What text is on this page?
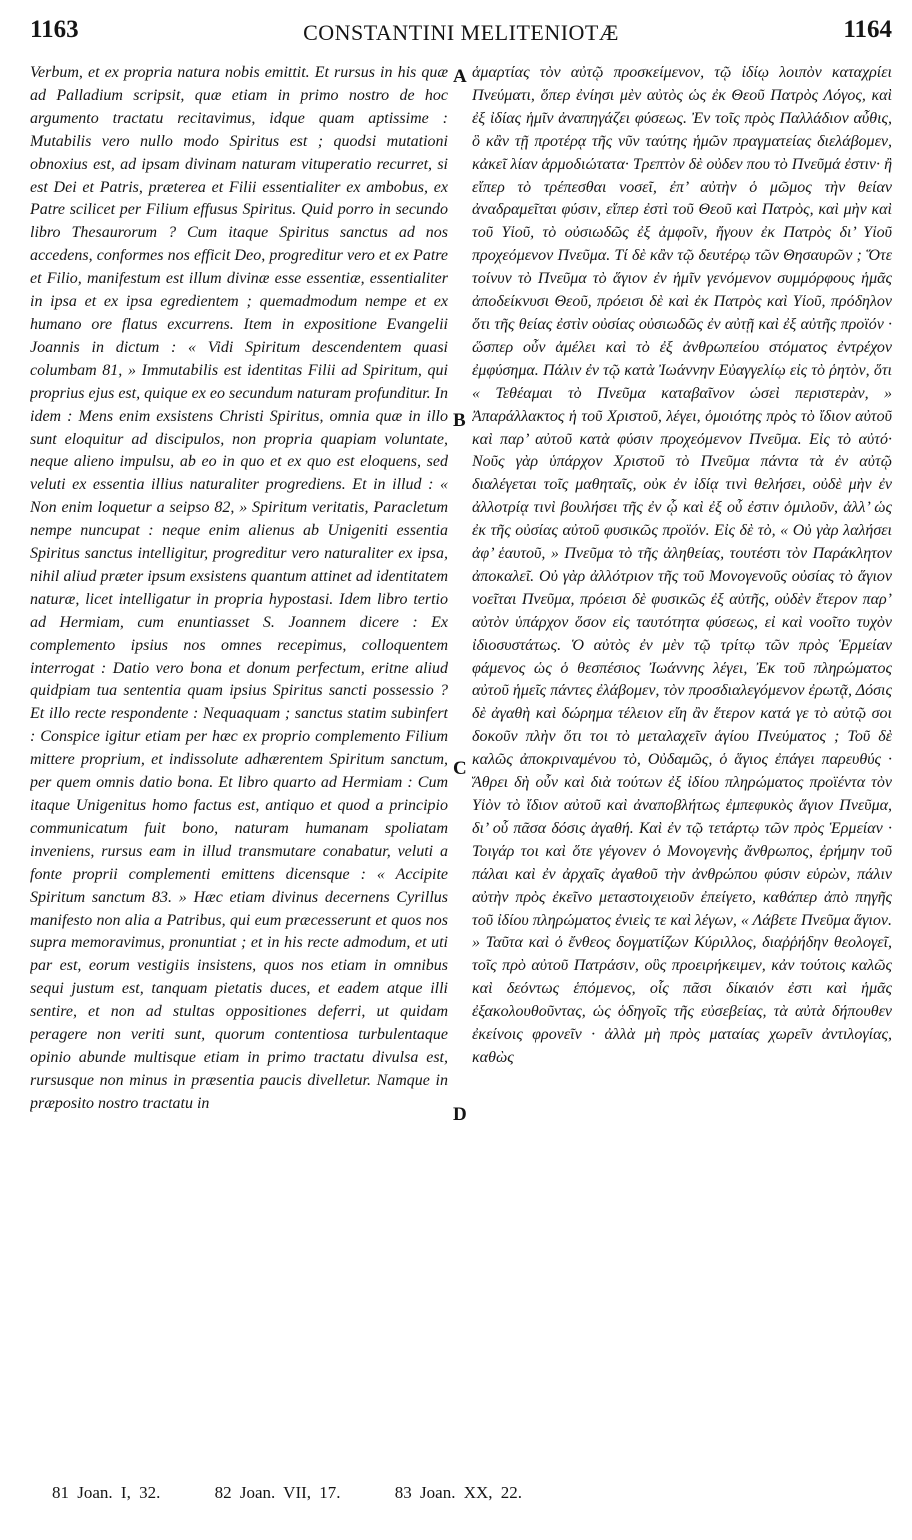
1163	CONSTANTINI MELITENIOTÆ	1164

Verbum, et ex propria natura nobis emittit. Et rursus in his quæ ad Palladium scripsit, quæ etiam in primo nostro de hoc argumento tractatu recitavimus, idque quam aptissime : Mutabilis vero nullo modo Spiritus est ; quodsi mutationi obnoxius est, ad ipsam divinam naturam vituperatio recurret, si est Dei et Patris, præterea et Filii essentialiter ex ambobus, ex Patre scilicet per Filium effusus Spiritus. Quid porro in secundo libro Thesaurorum ? Cum itaque Spiritus sanctus ad nos accedens, conformes nos efficit Deo, progreditur vero et ex Patre et Filio, manifestum est illum divinæ esse essentiæ, essentialiter in ipsa et ex ipsa egredientem ; quemadmodum nempe et ex humano ore flatus excurrens. Item in expositione Evangelii Joannis in dictum : « Vidi Spiritum descendentem quasi columbam 81, » Immutabilis est identitas Filii ad Spiritum, qui proprius ejus est, quique ex eo secundum naturam profunditur. In idem : Mens enim exsistens Christi Spiritus, omnia quæ in illo sunt eloquitur ad discipulos, non propria quapiam voluntate, neque alieno impulsu, ab eo in quo et ex quo est eloquens, sed veluti ex essentia illius naturaliter progrediens. Et in illud : « Non enim loquetur a seipso 82, » Spiritum veritatis, Paracletum nempe nuncupat : neque enim alienus ab Unigeniti essentia Spiritus sanctus intelligitur, progreditur vero naturaliter ex ipsa, nihil aliud præter ipsum exsistens quantum attinet ad identitatem naturæ, licet intelligatur in propria hypostasi. Idem libro tertio ad Hermiam, cum enuntiasset S. Joannem dicere : Ex complemento ipsius nos omnes recepimus, colloquentem interrogat : Datio vero bona et donum perfectum, eritne aliud quidpiam tua sententia quam ipsius Spiritus sancti possessio ? Et illo recte respondente : Nequaquam ; sanctus statim subinfert : Conspice igitur etiam per hæc ex proprio complemento Filium mittere proprium, et indissolute adhærentem Spiritum sanctum, per quem omnis datio bona. Et libro quarto ad Hermiam : Cum itaque Unigenitus homo factus est, antiquo et quod a principio communicatum fuit bono, naturam humanam spoliatam inveniens, rursus eam in illud transmutare conabatur, veluti a fonte proprii complementi emittens dicensque : « Accipite Spiritum sanctum 83. » Hæc etiam divinus decernens Cyrillus manifesto non alia a Patribus, qui eum præcesserunt et quos nos supra memoravimus, pronuntiat ; et in his recte admodum, et uti par est, eorum vestigiis insistens, quos nos etiam in omnibus sequi justum est, tanquam pietatis duces, et eadem atque illi sentire, et non ad stultas oppositiones deferri, ut quidam peragere non veriti sunt, quorum contentiosa turbulentaque opinio abunde multisque etiam in primo tractatu divulsa est, rursusque non minus in præsentia paucis divelletur. Namque in præposito nostro tractatu in

A
B
C
D

ἁμαρτίας τὸν αὐτῷ προσκείμενον, τῷ ἰδίῳ λοιπὸν καταχρίει Πνεύματι, ὅπερ ἐνίησι μὲν αὐτὸς ὡς ἐκ Θεοῦ Πατρὸς Λόγος, καὶ ἐξ ἰδίας ἡμῖν ἀναπηγάζει φύσεως. Ἐν τοῖς πρὸς Παλλάδιον αὖθις, ὃ κἂν τῇ προτέρᾳ τῆς νῦν ταύτης ἡμῶν πραγματείας διελάβομεν, κἀκεῖ λίαν ἁρμοδιώτατα· Τρεπτὸν δὲ οὐδεν που τὸ Πνεῦμά ἐστιν· ἢ εἴπερ τὸ τρέπεσθαι νοσεῖ, ἐπ’ αὐτὴν ὁ μῶμος τὴν θείαν ἀναδραμεῖται φύσιν, εἴπερ ἐστὶ τοῦ Θεοῦ καὶ Πατρὸς, καὶ μὴν καὶ τοῦ Υἱοῦ, τὸ οὐσιωδῶς ἐξ ἀμφοῖν, ἤγουν ἐκ Πατρὸς δι’ Υἱοῦ προχεόμενον Πνεῦμα. Τί δὲ κἂν τῷ δευτέρῳ τῶν Θησαυρῶν ; Ὅτε τοίνυν τὸ Πνεῦμα τὸ ἅγιον ἐν ἡμῖν γενόμενον συμμόρφους ἡμᾶς ἀποδείκνυσι Θεοῦ, πρόεισι δὲ καὶ ἐκ Πατρὸς καὶ Υἱοῦ, πρόδηλον ὅτι τῆς θείας ἐστὶν οὐσίας οὐσιωδῶς ἐν αὐτῇ καὶ ἐξ αὐτῆς προϊόν · ὥσπερ οὖν ἀμέλει καὶ τὸ ἐξ ἀνθρωπείου στόματος ἐντρέχον ἐμφύσημα. Πάλιν ἐν τῷ κατὰ Ἰωάννην Εὐαγγελίῳ εἰς τὸ ῥητὸν, ὅτι « Τεθέαμαι τὸ Πνεῦμα καταβαῖνον ὡσεὶ περιστερὰν, » Ἀπαράλλακτος ἡ τοῦ Χριστοῦ, λέγει, ὁμοιότης πρὸς τὸ ἴδιον αὐτοῦ καὶ παρ’ αὐτοῦ κατὰ φύσιν προχεόμενον Πνεῦμα. Εἰς τὸ αὐτό· Νοῦς γὰρ ὑπάρχον Χριστοῦ τὸ Πνεῦμα πάντα τὰ ἐν αὐτῷ διαλέγεται τοῖς μαθηταῖς, οὐκ ἐν ἰδίᾳ τινὶ θελήσει, οὐδὲ μὴν ἐν ἀλλοτρίᾳ τινὶ βουλήσει τῆς ἐν ᾧ καὶ ἐξ οὗ ἐστιν ὁμιλοῦν, ἀλλ’ ὡς ἐκ τῆς οὐσίας αὐτοῦ φυσικῶς προϊόν. Εἰς δὲ τὸ, « Οὐ γὰρ λαλήσει ἀφ’ ἑαυτοῦ, » Πνεῦμα τὸ τῆς ἀληθείας, τουτέστι τὸν Παράκλητον ἀποκαλεῖ. Οὐ γὰρ ἀλλότριον τῆς τοῦ Μονογενοῦς οὐσίας τὸ ἅγιον νοεῖται Πνεῦμα, πρόεισι δὲ φυσικῶς ἐξ αὐτῆς, οὐδὲν ἕτερον παρ’ αὐτὸν ὑπάρχον ὅσον εἰς ταυτότητα φύσεως, εἰ καὶ νοοῖτο τυχὸν ἰδιοσυστάτως. Ὁ αὐτὸς ἐν μὲν τῷ τρίτῳ τῶν πρὸς Ἑρμείαν φάμενος ὡς ὁ θεσπέσιος Ἰωάννης λέγει, Ἐκ τοῦ πληρώματος αὐτοῦ ἡμεῖς πάντες ἐλάβομεν, τὸν προσδιαλεγόμενον ἐρωτᾷ, Δόσις δὲ ἀγαθὴ καὶ δώρημα τέλειον εἴη ἂν ἕτερον κατά γε τὸ αὐτῷ σοι δοκοῦν πλὴν ὅτι τοι τὸ μεταλαχεῖν ἁγίου Πνεύματος ; Τοῦ δὲ καλῶς ἀποκριναμένου τὸ, Οὐδαμῶς, ὁ ἅγιος ἐπάγει παρευθύς · Ἄθρει δὴ οὖν καὶ διὰ τούτων ἐξ ἰδίου πληρώματος προϊέντα τὸν Υἱὸν τὸ ἴδιον αὐτοῦ καὶ ἀναποβλήτως ἐμπεφυκὸς ἅγιον Πνεῦμα, δι’ οὗ πᾶσα δόσις ἀγαθή. Καὶ ἐν τῷ τετάρτῳ τῶν πρὸς Ἑρμείαν · Τοιγάρ τοι καὶ ὅτε γέγονεν ὁ Μονογενὴς ἄνθρωπος, ἐρήμην τοῦ πάλαι καὶ ἐν ἀρχαῖς ἀγαθοῦ τὴν ἀνθρώπου φύσιν εὑρὼν, πάλιν αὐτὴν πρὸς ἐκεῖνο μεταστοιχειοῦν ἐπείγετο, καθάπερ ἀπὸ πηγῆς τοῦ ἰδίου πληρώματος ἐνιεὶς τε καὶ λέγων, « Λάβετε Πνεῦμα ἅγιον. » Ταῦτα καὶ ὁ ἔνθεος δογματίζων Κύριλλος, διαῤῥήδην θεολογεῖ, τοῖς πρὸ αὐτοῦ Πατράσιν, οὓς προειρήκειμεν, κἀν τούτοις καλῶς καὶ δεόντως ἑπόμενος, οἷς πᾶσι δίκαιόν ἐστι καὶ ἡμᾶς ἐξακολουθοῦντας, ὡς ὁδηγοῖς τῆς εὐσεβείας, τὰ αὐτὰ δήπουθεν ἐκείνοις φρονεῖν · ἀλλὰ μὴ πρὸς ματαίας χωρεῖν ἀντιλογίας, καθὼς

81 Joan. I, 32.	82 Joan. VII, 17.	83 Joan. XX, 22.
